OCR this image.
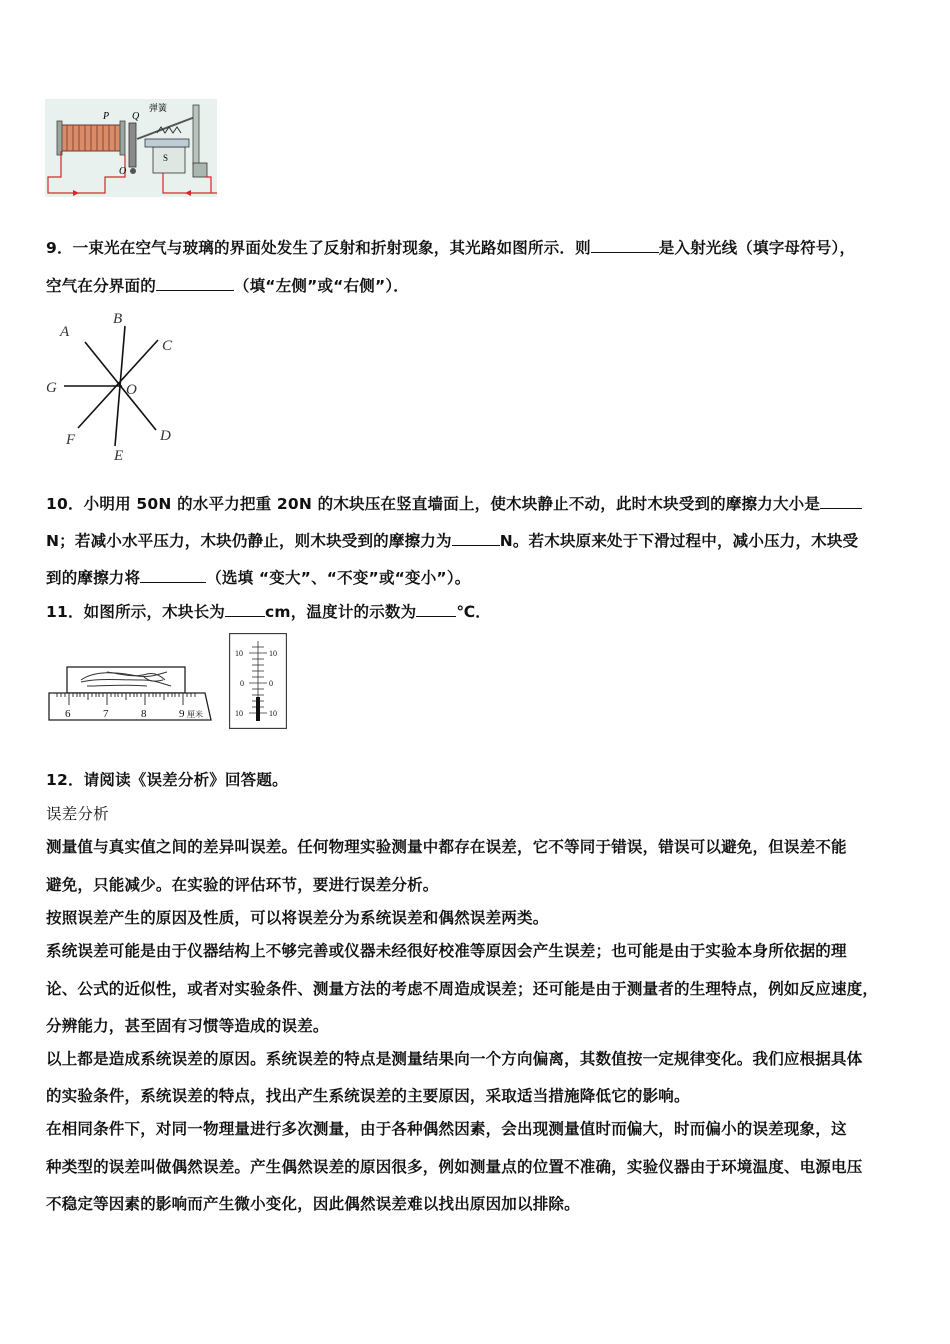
P Q
弹簧
O
S
9．一束光在空气与玻璃的界面处发生了反射和折射现象，其光路如图所示．则	是入射光线（填字母符号），
空气在分界面的	（填“左侧”或“右侧”）．
A
B
C
D
E
F
G	O
10．小明用 50N 的水平力把重 20N 的木块压在竖直墙面上，使木块静止不动，此时木块受到的摩擦力大小是
N；若减小水平压力，木块仍静止，则木块受到的摩擦力为	N。若木块原来处于下滑过程中，减小压力，木块受
到的摩擦力将	（选填 “变大”、“不变”或“变小”）。
11．如图所示，木块长为	cm，温度计的示数为	℃．
6	7	8	9 厘米
10
0
10
10
0
10
12．请阅读《误差分析》回答题。
误差分析
测量值与真实值之间的差异叫误差。任何物理实验测量中都存在误差，它不等同于错误，错误可以避免，但误差不能
避免，只能减少。在实验的评估环节，要进行误差分析。
按照误差产生的原因及性质，可以将误差分为系统误差和偶然误差两类。
系统误差可能是由于仪器结构上不够完善或仪器未经很好校准等原因会产生误差；也可能是由于实验本身所依据的理
论、公式的近似性，或者对实验条件、测量方法的考虑不周造成误差；还可能是由于测量者的生理特点，例如反应速度，
分辨能力，甚至固有习惯等造成的误差。
以上都是造成系统误差的原因。系统误差的特点是测量结果向一个方向偏离，其数值按一定规律变化。我们应根据具体
的实验条件，系统误差的特点，找出产生系统误差的主要原因，采取适当措施降低它的影响。
在相同条件下，对同一物理量进行多次测量，由于各种偶然因素，会出现测量值时而偏大，时而偏小的误差现象，这
种类型的误差叫做偶然误差。产生偶然误差的原因很多，例如测量点的位置不准确，实验仪器由于环境温度、电源电压
不稳定等因素的影响而产生微小变化，因此偶然误差难以找出原因加以排除。
